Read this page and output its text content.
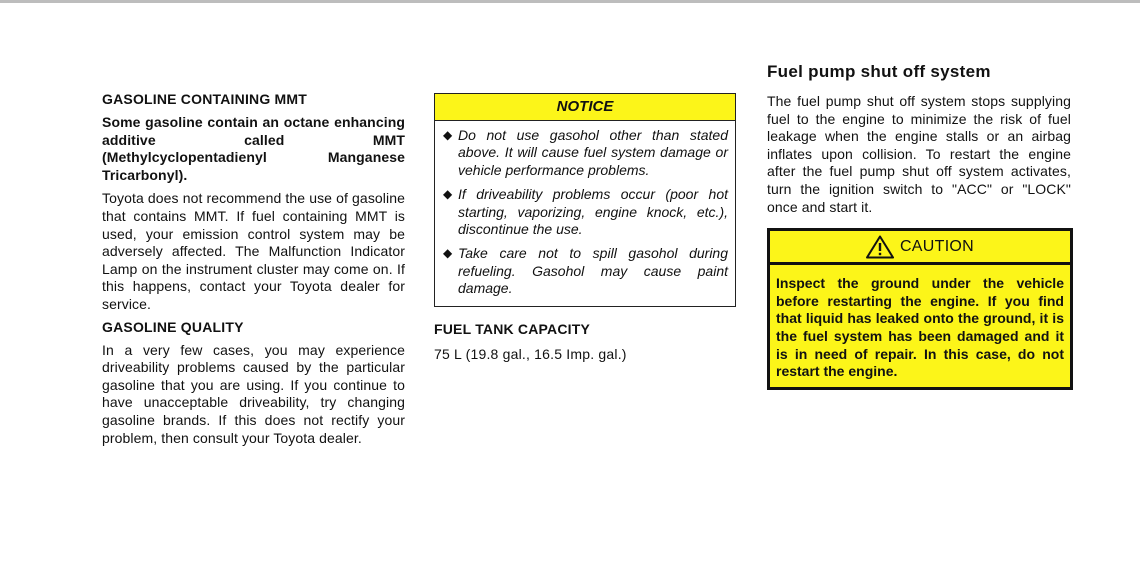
GASOLINE CONTAINING MMT

Some gasoline contain an octane enhancing additive called MMT (Methylcyclopentadienyl Manganese Tricarbonyl).

Toyota does not recommend the use of gasoline that contains MMT. If fuel containing MMT is used, your emission control system may be adversely affected. The Malfunction Indicator Lamp on the instrument cluster may come on. If this happens, contact your Toyota dealer for service.

GASOLINE QUALITY

In a very few cases, you may experience driveability problems caused by the particular gasoline that you are using. If you continue to have unacceptable driveability, try changing gasoline brands. If this does not rectify your problem, then consult your Toyota dealer.

NOTICE
◆ Do not use gasohol other than stated above. It will cause fuel system damage or vehicle performance problems.
◆ If driveability problems occur (poor hot starting, vaporizing, engine knock, etc.), discontinue the use.
◆ Take care not to spill gasohol during refueling. Gasohol may cause paint damage.
FUEL TANK CAPACITY
75 L (19.8 gal., 16.5 Imp. gal.)
Fuel pump shut off system

The fuel pump shut off system stops supplying fuel to the engine to minimize the risk of fuel leakage when the engine stalls or an airbag inflates upon collision. To restart the engine after the fuel pump shut off system activates, turn the ignition switch to "ACC" or "LOCK" once and start it.

CAUTION
Inspect the ground under the vehicle before restarting the engine. If you find that liquid has leaked onto the ground, it is the fuel system has been damaged and it is in need of repair. In this case, do not restart the engine.
